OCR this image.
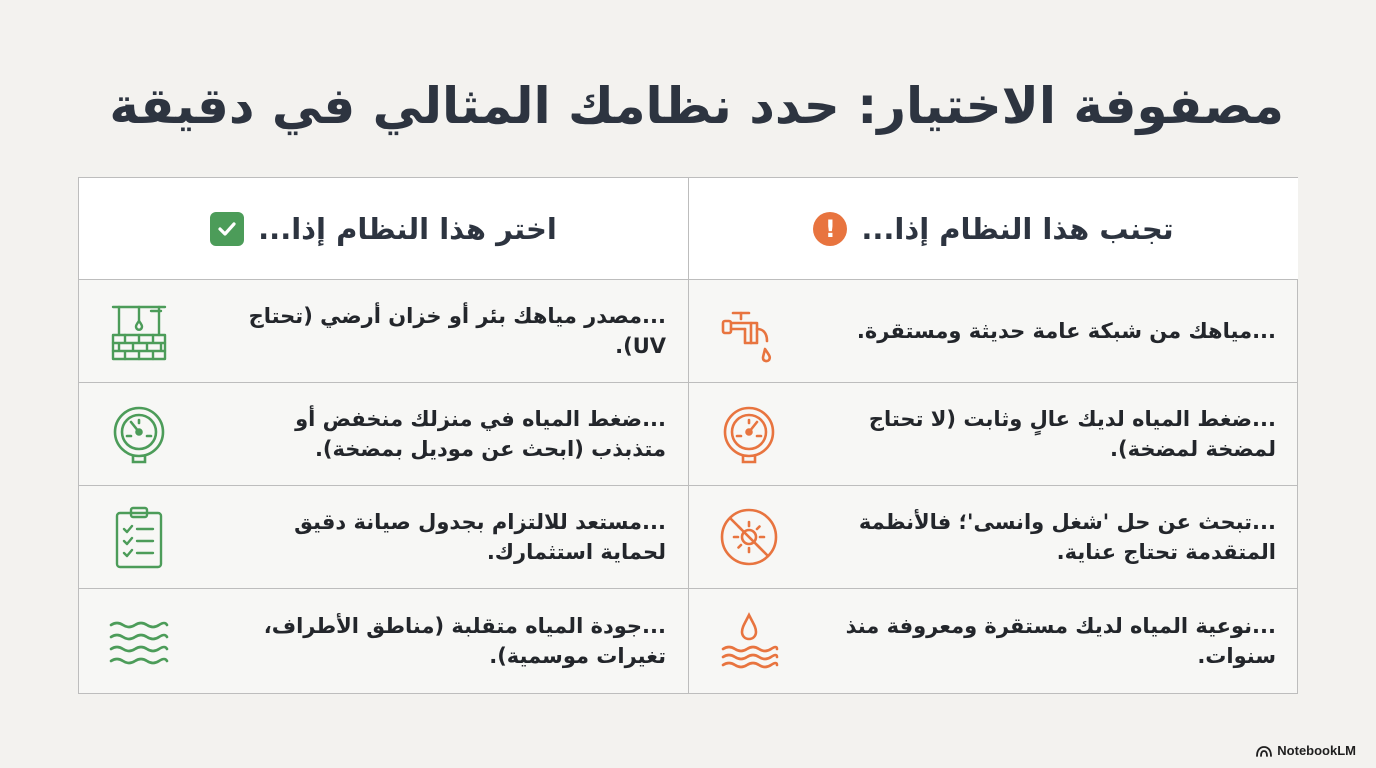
مصفوفة الاختيار: حدد نظامك المثالي في دقيقة
تجنب هذا النظام إذا...
!
...مياهك من شبكة عامة حديثة ومستقرة.
...ضغط المياه لديك عالٍ وثابت (لا تحتاج لمضخة لمضخة).
...تبحث عن حل 'شغل وانسى'؛ فالأنظمة المتقدمة تحتاج عناية.
...نوعية المياه لديك مستقرة ومعروفة منذ سنوات.
اختر هذا النظام إذا...
...مصدر مياهك بئر أو خزان أرضي (تحتاج UV).
...ضغط المياه في منزلك منخفض أو متذبذب (ابحث عن موديل بمضخة).
...مستعد للالتزام بجدول صيانة دقيق لحماية استثمارك.
...جودة المياه متقلبة (مناطق الأطراف، تغيرات موسمية).
NotebookLM
